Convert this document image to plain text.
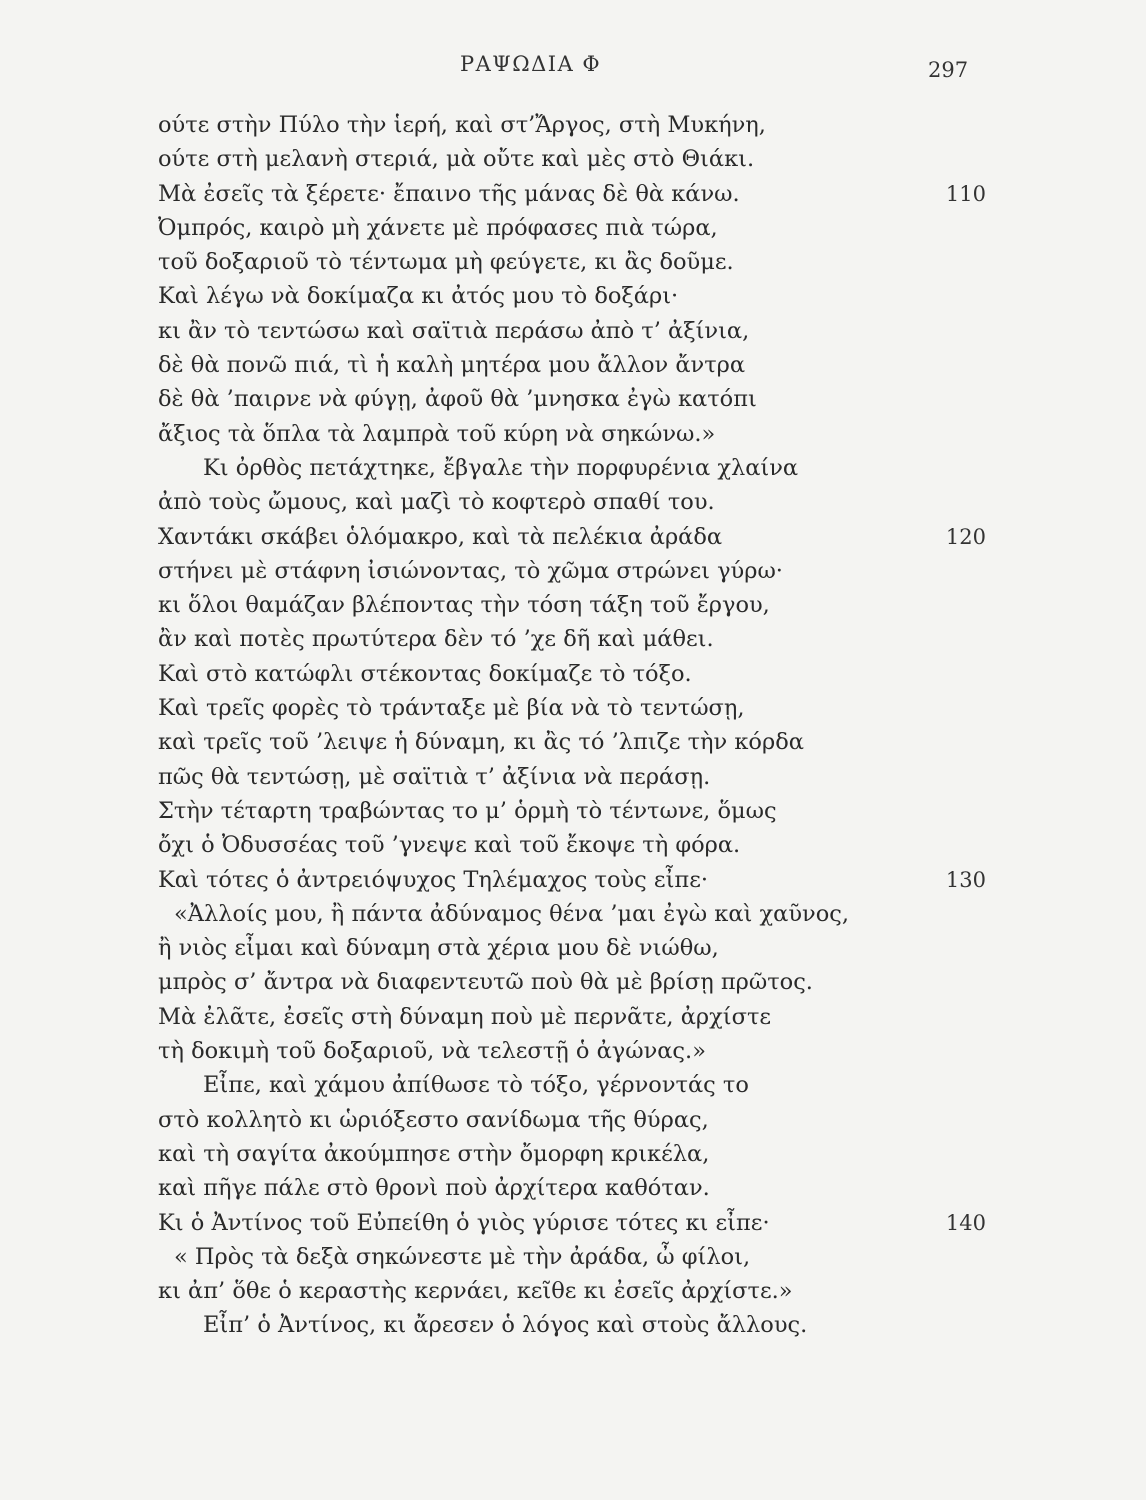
ΡΑΨΩΔΙΑ Φ	297
ούτε στὴν Πύλο τὴν ἱερή, καὶ στ’Ἄργος, στὴ Μυκήνη,
ούτε στὴ μελανὴ στεριά, μὰ οὔτε καὶ μὲς στὸ Θιάκι.
Μὰ ἐσεῖς τὰ ξέρετε· ἔπαινο τῆς μάνας δὲ θὰ κάνω.	110
Ὀμπρός, καιρὸ μὴ χάνετε μὲ πρόφασες πιὰ τώρα,
τοῦ δοξαριοῦ τὸ τέντωμα μὴ φεύγετε, κι ἂς δοῦμε.
Καὶ λέγω νὰ δοκίμαζα κι ἀτός μου τὸ δοξάρι·
κι ἂν τὸ τεντώσω καὶ σαϊτιὰ περάσω ἀπὸ τ’ ἀξίνια,
δὲ θὰ πονῶ πιά, τὶ ἡ καλὴ μητέρα μου ἄλλον ἄντρα
δὲ θὰ ’παιρνε νὰ φύγῃ, ἀφοῦ θὰ ’μνησκα ἐγὼ κατόπι
ἄξιος τὰ ὅπλα τὰ λαμπρὰ τοῦ κύρη νὰ σηκώνω.»
Κι ὀρθὸς πετάχτηκε, ἔβγαλε τὴν πορφυρένια χλαίνα
ἀπὸ τοὺς ὤμους, καὶ μαζὶ τὸ κοφτερὸ σπαθί του.
Χαντάκι σκάβει ὁλόμακρο, καὶ τὰ πελέκια ἀράδα	120
στήνει μὲ στάφνη ἰσιώνοντας, τὸ χῶμα στρώνει γύρω·
κι ὅλοι θαμάζαν βλέποντας τὴν τόση τάξη τοῦ ἔργου,
ἂν καὶ ποτὲς πρωτύτερα δὲν τό ’χε δῆ καὶ μάθει.
Καὶ στὸ κατώφλι στέκοντας δοκίμαζε τὸ τόξο.
Καὶ τρεῖς φορὲς τὸ τράνταξε μὲ βία νὰ τὸ τεντώσῃ,
καὶ τρεῖς τοῦ ’λειψε ἡ δύναμη, κι ἂς τό ’λπιζε τὴν κόρδα
πῶς θὰ τεντώσῃ, μὲ σαϊτιὰ τ’ ἀξίνια νὰ περάσῃ.
Στὴν τέταρτη τραβώντας το μ’ ὁρμὴ τὸ τέντωνε, ὅμως
ὄχι ὁ Ὀδυσσέας τοῦ ’γνεψε καὶ τοῦ ἔκοψε τὴ φόρα.
Καὶ τότες ὁ ἀντρειόψυχος Τηλέμαχος τοὺς εἶπε·	130
«Ἀλλοίς μου, ἢ πάντα ἀδύναμος θένα ’μαι ἐγὼ καὶ χαῦνος,
ἢ νιὸς εἶμαι καὶ δύναμη στὰ χέρια μου δὲ νιώθω,
μπρὸς σ’ ἄντρα νὰ διαφεντευτῶ ποὺ θὰ μὲ βρίσῃ πρῶτος.
Μὰ ἐλᾶτε, ἐσεῖς στὴ δύναμη ποὺ μὲ περνᾶτε, ἀρχίστε
τὴ δοκιμὴ τοῦ δοξαριοῦ, νὰ τελεστῇ ὁ ἀγώνας.»
Εἶπε, καὶ χάμου ἀπίθωσε τὸ τόξο, γέρνοντάς το
στὸ κολλητὸ κι ὡριόξεστο σανίδωμα τῆς θύρας,
καὶ τὴ σαγίτα ἀκούμπησε στὴν ὄμορφη κρικέλα,
καὶ πῆγε πάλε στὸ θρονὶ ποὺ ἀρχίτερα καθόταν.
Κι ὁ Ἀντίνος τοῦ Εὐπείθη ὁ γιὸς γύρισε τότες κι εἶπε·	140
« Πρὸς τὰ δεξὰ σηκώνεστε μὲ τὴν ἀράδα, ὦ φίλοι,
κι ἀπ’ ὅθε ὁ κεραστὴς κερνάει, κεῖθε κι ἐσεῖς ἀρχίστε.»
Εἶπ’ ὁ Ἀντίνος, κι ἄρεσεν ὁ λόγος καὶ στοὺς ἄλλους.
